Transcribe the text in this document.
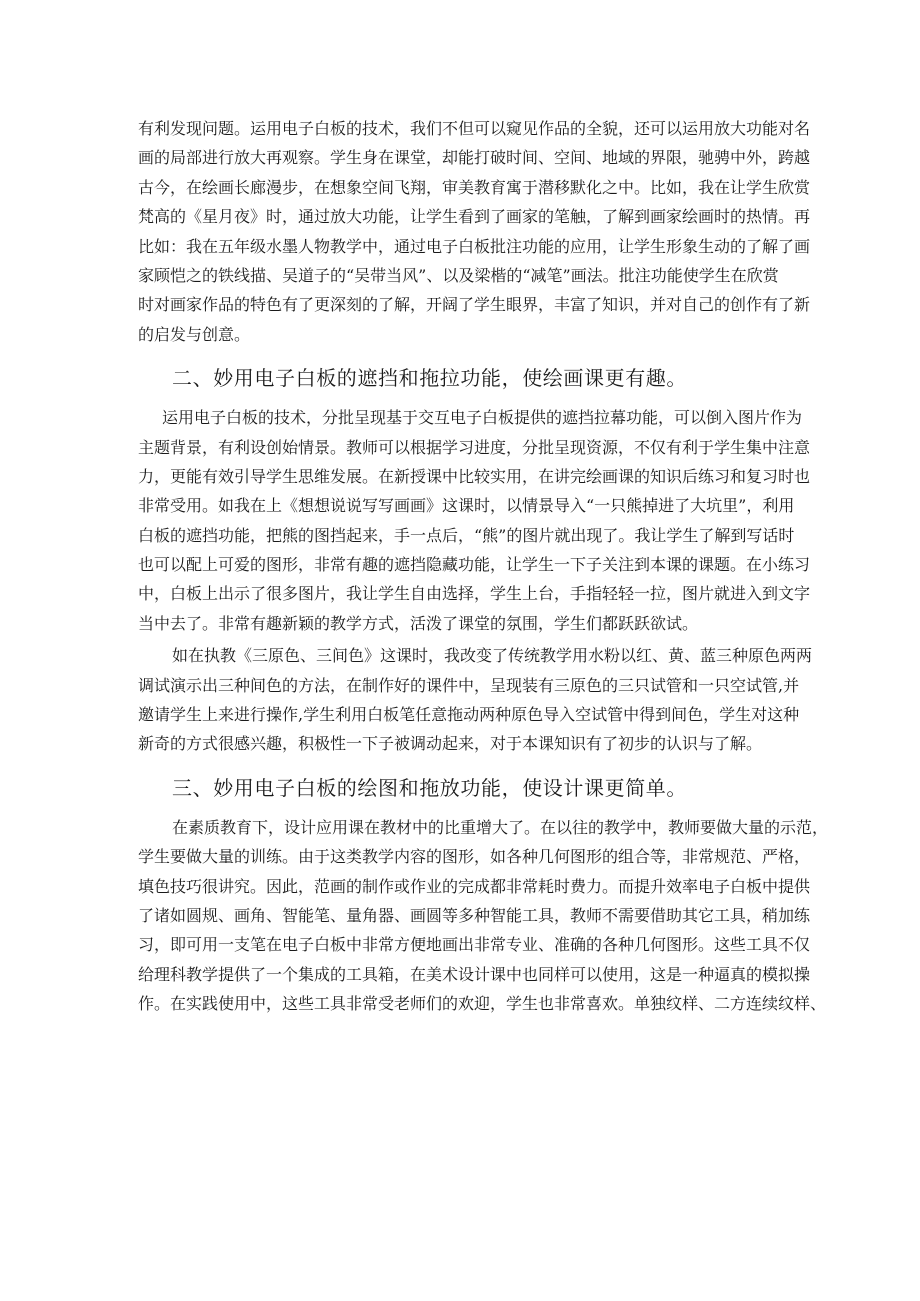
有利发现问题。运用电子白板的技术，我们不但可以窥见作品的全貌，还可以运用放大功能对名
画的局部进行放大再观察。学生身在课堂，却能打破时间、空间、地域的界限，驰骋中外，跨越
古今，在绘画长廊漫步，在想象空间飞翔，审美教育寓于潜移默化之中。比如，我在让学生欣赏
梵高的《星月夜》时，通过放大功能，让学生看到了画家的笔触，了解到画家绘画时的热情。再
比如：我在五年级水墨人物教学中，通过电子白板批注功能的应用，让学生形象生动的了解了画
家顾恺之的铁线描、吴道子的“吴带当风”、以及梁楷的“减笔”画法。批注功能使学生在欣赏
时对画家作品的特色有了更深刻的了解，开阔了学生眼界，丰富了知识，并对自己的创作有了新
的启发与创意。
二、妙用电子白板的遮挡和拖拉功能，使绘画课更有趣。
运用电子白板的技术，分批呈现基于交互电子白板提供的遮挡拉幕功能，可以倒入图片作为
主题背景，有利设创始情景。教师可以根据学习进度，分批呈现资源，不仅有利于学生集中注意
力，更能有效引导学生思维发展。在新授课中比较实用，在讲完绘画课的知识后练习和复习时也
非常受用。如我在上《想想说说写写画画》这课时，以情景导入“一只熊掉进了大坑里”，利用
白板的遮挡功能，把熊的图挡起来，手一点后，“熊”的图片就出现了。我让学生了解到写话时
也可以配上可爱的图形，非常有趣的遮挡隐藏功能，让学生一下子关注到本课的课题。在小练习
中，白板上出示了很多图片，我让学生自由选择，学生上台，手指轻轻一拉，图片就进入到文字
当中去了。非常有趣新颖的教学方式，活泼了课堂的氛围，学生们都跃跃欲试。
如在执教《三原色、三间色》这课时，我改变了传统教学用水粉以红、黄、蓝三种原色两两
调试演示出三种间色的方法，在制作好的课件中，呈现装有三原色的三只试管和一只空试管,并
邀请学生上来进行操作,学生利用白板笔任意拖动两种原色导入空试管中得到间色，学生对这种
新奇的方式很感兴趣，积极性一下子被调动起来，对于本课知识有了初步的认识与了解。
三、妙用电子白板的绘图和拖放功能，使设计课更简单。
在素质教育下，设计应用课在教材中的比重增大了。在以往的教学中，教师要做大量的示范，
学生要做大量的训练。由于这类教学内容的图形，如各种几何图形的组合等，非常规范、严格，
填色技巧很讲究。因此，范画的制作或作业的完成都非常耗时费力。而提升效率电子白板中提供
了诸如圆规、画角、智能笔、量角器、画圆等多种智能工具，教师不需要借助其它工具，稍加练
习，即可用一支笔在电子白板中非常方便地画出非常专业、准确的各种几何图形。这些工具不仅
给理科教学提供了一个集成的工具箱，在美术设计课中也同样可以使用，这是一种逼真的模拟操
作。在实践使用中，这些工具非常受老师们的欢迎，学生也非常喜欢。单独纹样、二方连续纹样、
